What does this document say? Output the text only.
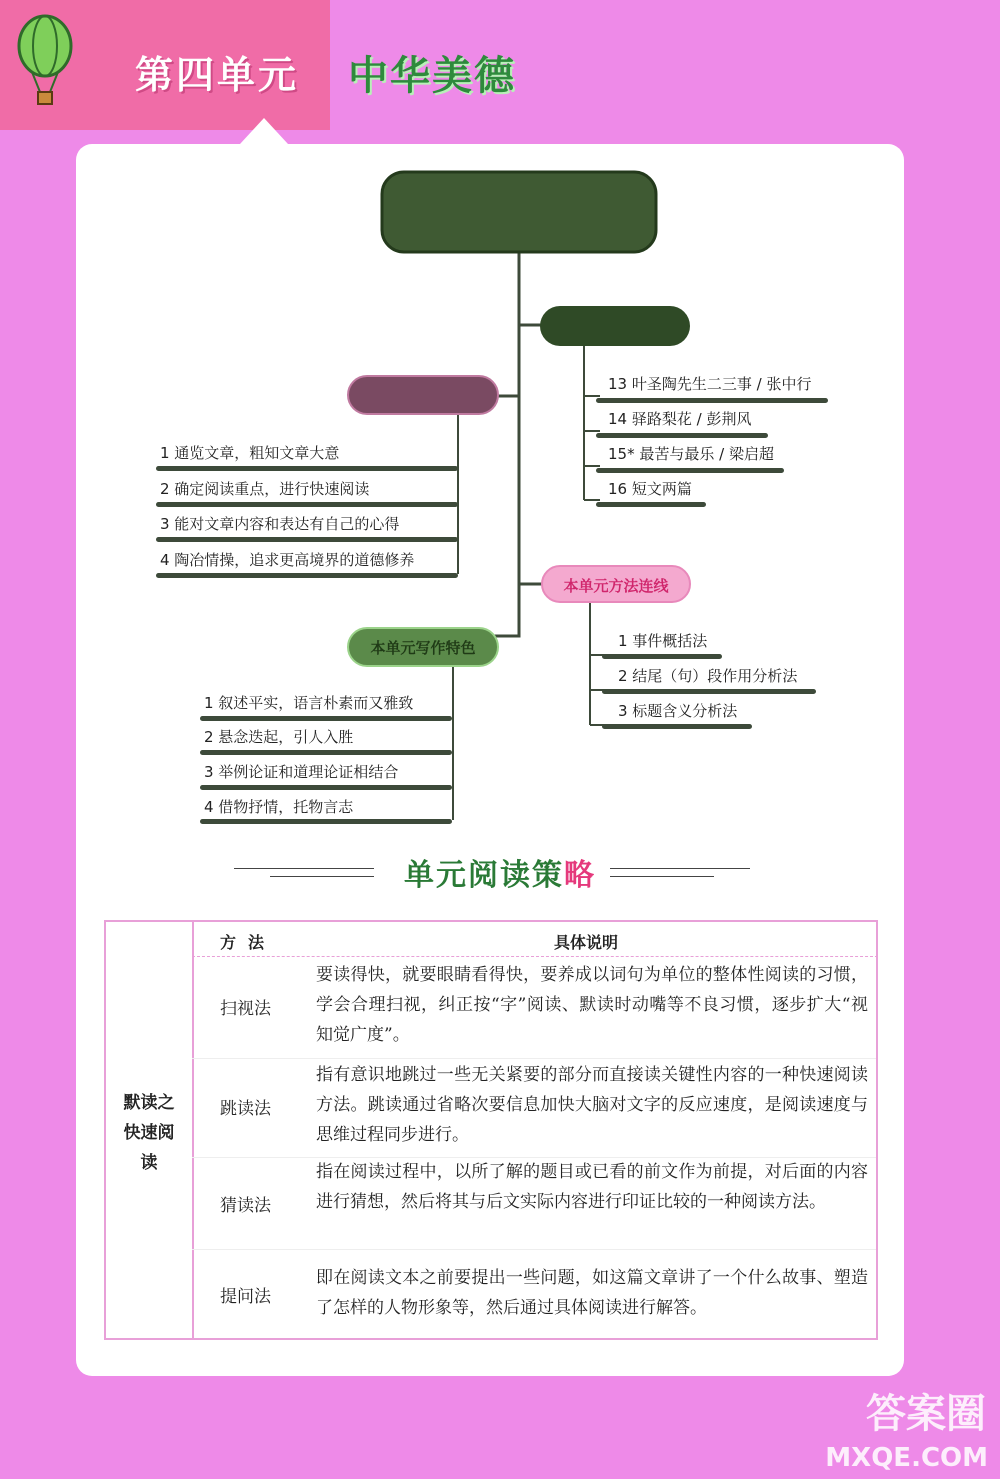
第四单元 中华美德
本单元方法连线
本单元写作特色
13 叶圣陶先生二三事 / 张中行
14 驿路梨花 / 彭荆风
15* 最苦与最乐 / 梁启超
16 短文两篇
1 通览文章，粗知文章大意
2 确定阅读重点，进行快速阅读
3 能对文章内容和表达有自己的心得
4 陶冶情操，追求更高境界的道德修养
1 事件概括法
2 结尾（句）段作用分析法
3 标题含义分析法
1 叙述平实，语言朴素而又雅致
2 悬念迭起，引人入胜
3 举例论证和道理论证相结合
4 借物抒情，托物言志
单元阅读策略
方法	具体说明
默读之快速阅读
扫视法
要读得快，就要眼睛看得快，要养成以词句为单位的整体性阅读的习惯，学会合理扫视，纠正按“字”阅读、默读时动嘴等不良习惯，逐步扩大“视知觉广度”。
跳读法
指有意识地跳过一些无关紧要的部分而直接读关键性内容的一种快速阅读方法。跳读通过省略次要信息加快大脑对文字的反应速度，是阅读速度与思维过程同步进行。
猜读法
指在阅读过程中，以所了解的题目或已看的前文作为前提，对后面的内容进行猜想，然后将其与后文实际内容进行印证比较的一种阅读方法。
提问法
即在阅读文本之前要提出一些问题，如这篇文章讲了一个什么故事、塑造了怎样的人物形象等，然后通过具体阅读进行解答。
答案圈
MXQE.COM
